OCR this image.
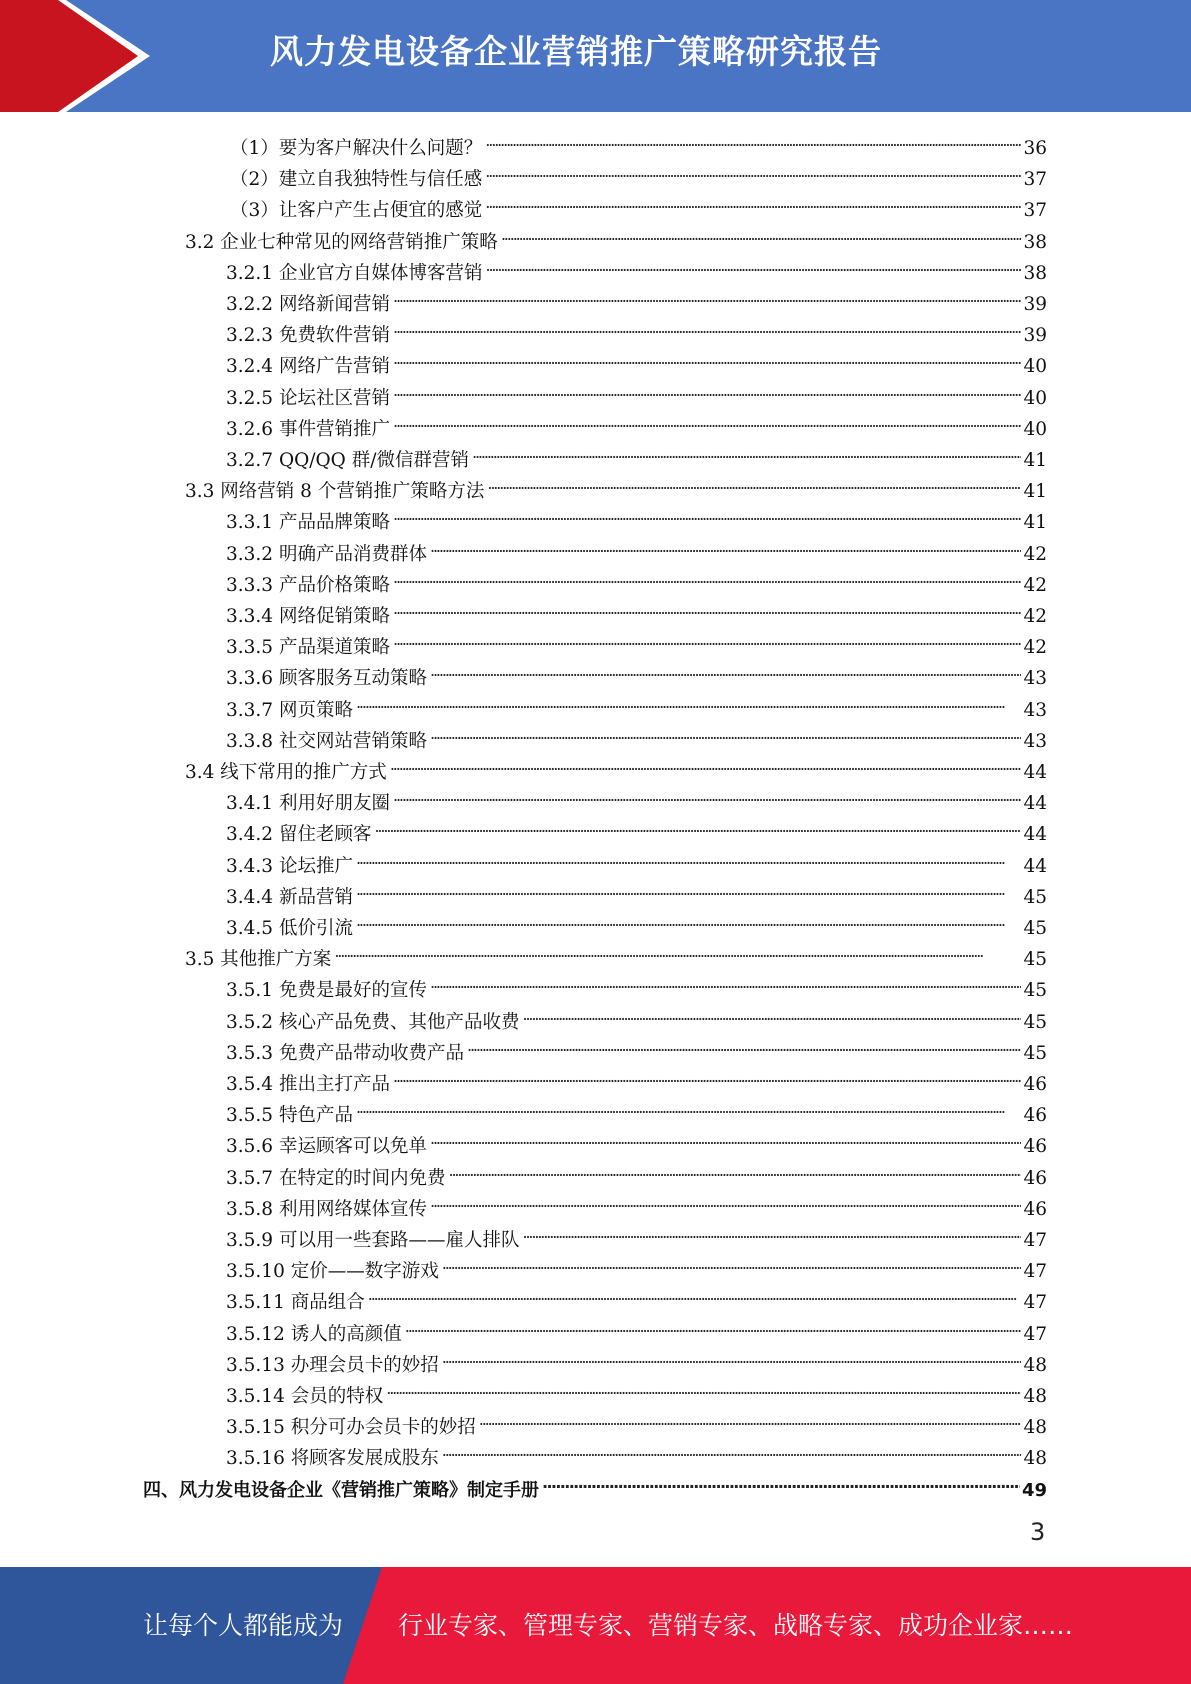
风力发电设备企业营销推广策略研究报告
（1）要为客户解决什么问题？ . . .	36
（2）建立自我独特性与信任感 . . .	37
（3）让客户产生占便宜的感觉 . . .	37
3.2 企业七种常见的网络营销推广策略 . . .	38
3.2.1 企业官方自媒体博客营销 . . .	38
3.2.2 网络新闻营销 . . .	39
3.2.3 免费软件营销 . . .	39
3.2.4 网络广告营销 . . .	40
3.2.5 论坛社区营销 . . .	40
3.2.6 事件营销推广 . . .	40
3.2.7 QQ/QQ 群/微信群营销 . . .	41
3.3 网络营销 8 个营销推广策略方法 . . .	41
3.3.1 产品品牌策略 . . .	41
3.3.2 明确产品消费群体 . . .	42
3.3.3 产品价格策略 . . .	42
3.3.4 网络促销策略 . . .	42
3.3.5 产品渠道策略 . . .	42
3.3.6 顾客服务互动策略 . . .	43
3.3.7 网页策略 . . .	43
3.3.8 社交网站营销策略 . . .	43
3.4 线下常用的推广方式 . . .	44
3.4.1 利用好朋友圈 . . .	44
3.4.2 留住老顾客 . . .	44
3.4.3 论坛推广 . . .	44
3.4.4 新品营销 . . .	45
3.4.5 低价引流 . . .	45
3.5 其他推广方案 . . .	45
3.5.1 免费是最好的宣传 . . .	45
3.5.2 核心产品免费、其他产品收费 . . .	45
3.5.3 免费产品带动收费产品 . . .	45
3.5.4 推出主打产品 . . .	46
3.5.5 特色产品 . . .	46
3.5.6 幸运顾客可以免单 . . .	46
3.5.7 在特定的时间内免费 . . .	46
3.5.8 利用网络媒体宣传 . . .	46
3.5.9 可以用一些套路——雇人排队 . . .	47
3.5.10 定价——数字游戏 . . .	47
3.5.11 商品组合 . . .	47
3.5.12 诱人的高颜值 . . .	47
3.5.13 办理会员卡的妙招 . . .	48
3.5.14 会员的特权 . . .	48
3.5.15 积分可办会员卡的妙招 . . .	48
3.5.16 将顾客发展成股东 . . .	48
四、风力发电设备企业《营销推广策略》制定手册 . . .	49
3
让每个人都能成为 行业专家、管理专家、营销专家、战略专家、成功企业家……
